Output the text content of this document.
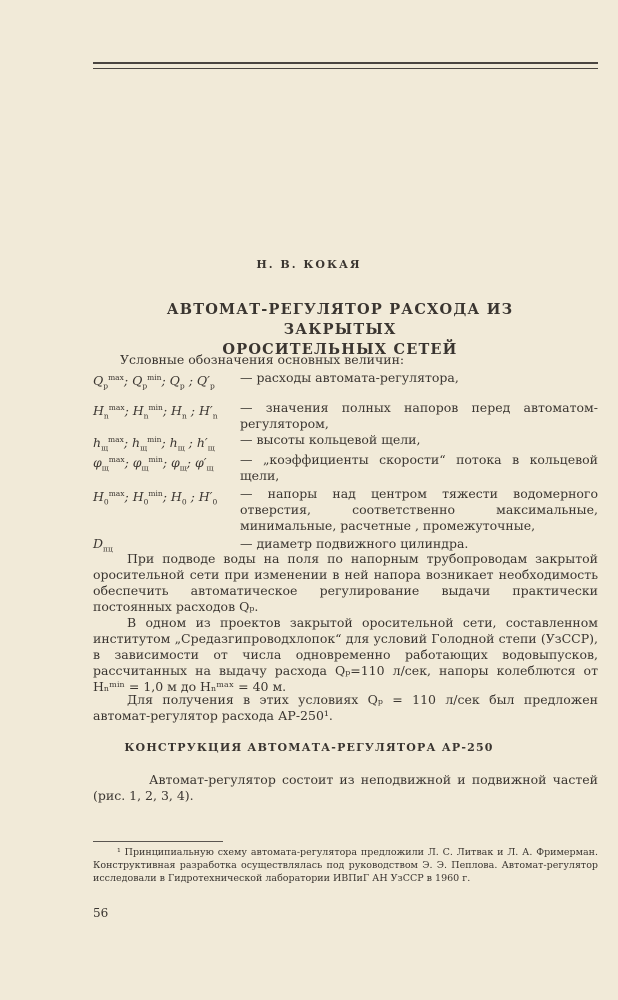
Н. В. КОКАЯ
АВТОМАТ-РЕГУЛЯТОР РАСХОДА ИЗ ЗАКРЫТЫХ
ОРОСИТЕЛЬНЫХ СЕТЕЙ
Условные обозначения основных величин:
$Q_p^{max}$; $Q_p^{min}$; $Q_p$ ; $Q'_p$
— расходы автомата-регулятора,
$H_n^{max}$; $H_n^{min}$; $H_n$ ; $H'_n$
— значения полных напоров перед автоматом-регулятором,
$h_щ^{max}$; $h_щ^{min}$; $h_щ$ ; $h'_щ$
— высоты кольцевой щели,
$\varphi_щ^{max}$; $\varphi_щ^{min}$; $\varphi_щ$; $\varphi'_щ$
— „коэффициенты скорости“ потока в кольцевой щели,
$H_0^{max}$; $H_0^{min}$; $H_0$ ; $H'_0$
— напоры над центром тяжести водомерного отверстия, соответственно максимальные, минимальные, расчетные , промежуточные,
$D_{пц}$	— диаметр подвижного цилиндра.
При подводе воды на поля по напорным трубопроводам закрытой оросительной сети при изменении в ней напора возникает необходимость обеспечить автоматическое регулирование выдачи практически постоянных расходов Qₚ.
В одном из проектов закрытой оросительной сети, составленном институтом „Средазгипроводхлопок“ для условий Голодной степи (УзССР), в зависимости от числа одновременно работающих водовыпусков, рассчитанных на выдачу расхода Qₚ=110 л/сек, напоры колеблются от Hₙᵐⁱⁿ = 1,0 м до Hₙᵐᵃˣ = 40 м.
Для получения в этих условиях Qₚ = 110 л/сек был предложен автомат-регулятор расхода АР-250¹.
КОНСТРУКЦИЯ АВТОМАТА-РЕГУЛЯТОРА АР-250
Автомат-регулятор состоит из неподвижной и подвижной частей (рис. 1, 2, 3, 4).
¹ Принципиальную схему автомата-регулятора предложили Л. С. Литвак и Л. А. Фримерман. Конструктивная разработка осуществлялась под руководством Э. Э. Пеплова. Автомат-регулятор исследовали в Гидротехнической лаборатории ИВПиГ АН УзССР в 1960 г.
56
